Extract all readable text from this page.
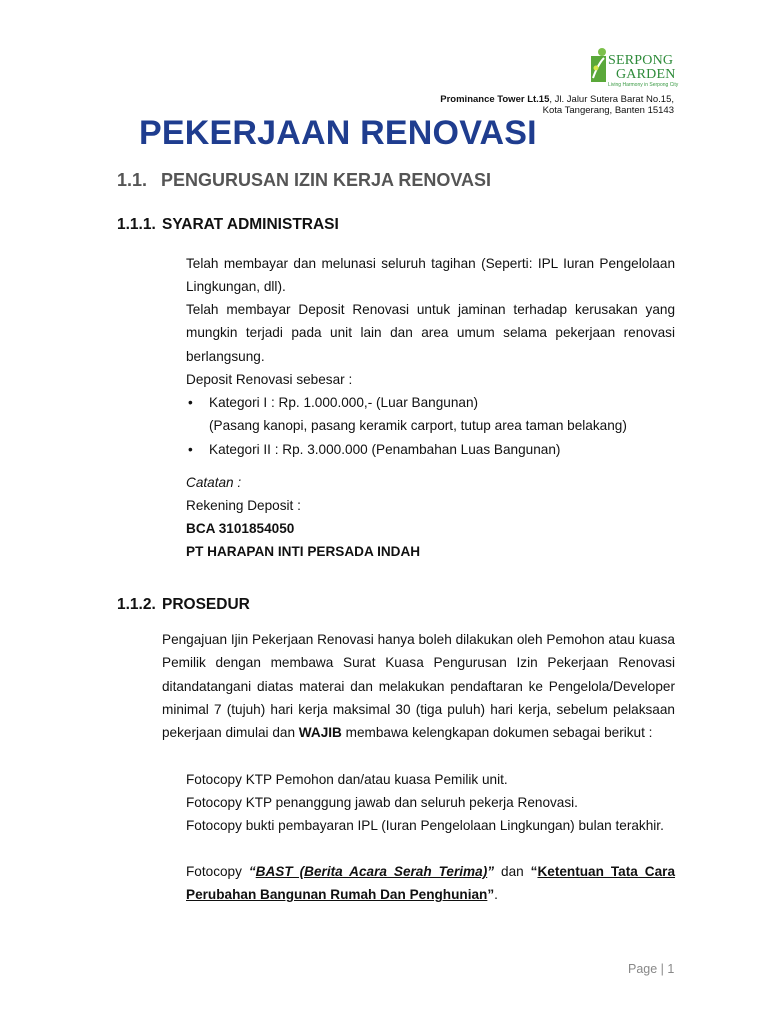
SERPONG
GARDEN
Living Harmony in Serpong City
Prominance Tower Lt.15, Jl. Jalur Sutera Barat No.15,
Kota Tangerang, Banten 15143
PEKERJAAN RENOVASI
1.1. PENGURUSAN IZIN KERJA RENOVASI
1.1.1. SYARAT ADMINISTRASI

Telah membayar dan melunasi seluruh tagihan (Seperti: IPL Iuran Pengelolaan Lingkungan, dll).

Telah membayar Deposit Renovasi untuk jaminan terhadap kerusakan yang mungkin terjadi pada unit lain dan area umum selama pekerjaan renovasi berlangsung.

Deposit Renovasi sebesar :

• Kategori I : Rp. 1.000.000,- (Luar Bangunan)

(Pasang kanopi, pasang keramik carport, tutup area taman belakang)

• Kategori II : Rp. 3.000.000 (Penambahan Luas Bangunan)

Catatan :

Rekening Deposit :

BCA 3101854050

PT HARAPAN INTI PERSADA INDAH

1.1.2. PROSEDUR

Pengajuan Ijin Pekerjaan Renovasi hanya boleh dilakukan oleh Pemohon atau kuasa Pemilik dengan membawa Surat Kuasa Pengurusan Izin Pekerjaan Renovasi ditandatangani diatas materai dan melakukan pendaftaran ke Pengelola/Developer minimal 7 (tujuh) hari kerja maksimal 30 (tiga puluh) hari kerja, sebelum pelaksaan pekerjaan dimulai dan WAJIB membawa kelengkapan dokumen sebagai berikut :

Fotocopy KTP Pemohon dan/atau kuasa Pemilik unit.

Fotocopy KTP penanggung jawab dan seluruh pekerja Renovasi.

Fotocopy bukti pembayaran IPL (Iuran Pengelolaan Lingkungan) bulan terakhir.

Fotocopy “BAST (Berita Acara Serah Terima)” dan “Ketentuan Tata Cara Perubahan Bangunan Rumah Dan Penghunian”.

Page | 1
